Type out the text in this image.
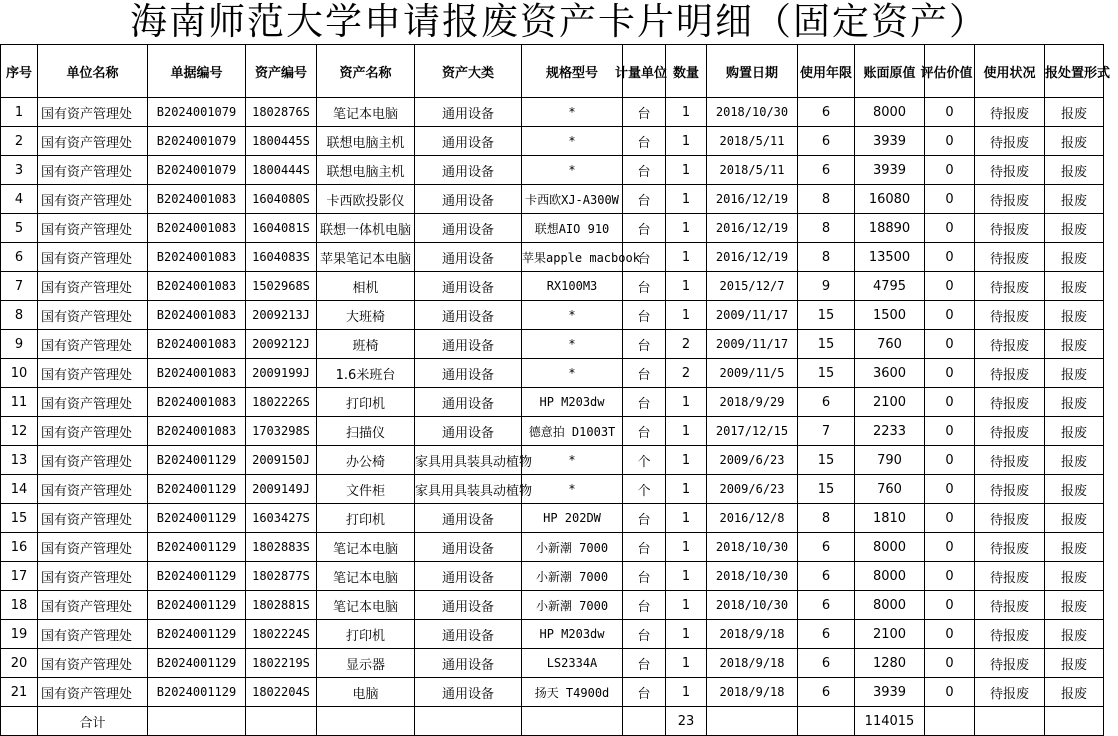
海南师范大学申请报废资产卡片明细（固定资产）
序号	单位名称	单据编号	资产编号	资产名称	资产大类	规格型号	计量单位	数量	购置日期	使用年限	账面原值	评估价值	使用状况	报处置形式
1	国有资产管理处	B2024001079	1802876S	笔记本电脑	通用设备	*	台	1	2018/10/30	6	8000	0	待报废	报废
2	国有资产管理处	B2024001079	1800445S	联想电脑主机	通用设备	*	台	1	2018/5/11	6	3939	0	待报废	报废
3	国有资产管理处	B2024001079	1800444S	联想电脑主机	通用设备	*	台	1	2018/5/11	6	3939	0	待报废	报废
4	国有资产管理处	B2024001083	1604080S	卡西欧投影仪	通用设备	卡西欧XJ-A300W	台	1	2016/12/19	8	16080	0	待报废	报废
5	国有资产管理处	B2024001083	1604081S	联想一体机电脑	通用设备	联想AIO 910	台	1	2016/12/19	8	18890	0	待报废	报废
6	国有资产管理处	B2024001083	1604083S	苹果笔记本电脑	通用设备	苹果apple macbook	台	1	2016/12/19	8	13500	0	待报废	报废
7	国有资产管理处	B2024001083	1502968S	相机	通用设备	RX100M3	台	1	2015/12/7	9	4795	0	待报废	报废
8	国有资产管理处	B2024001083	2009213J	大班椅	通用设备	*	台	1	2009/11/17	15	1500	0	待报废	报废
9	国有资产管理处	B2024001083	2009212J	班椅	通用设备	*	台	2	2009/11/17	15	760	0	待报废	报废
10	国有资产管理处	B2024001083	2009199J	1.6米班台	通用设备	*	台	2	2009/11/5	15	3600	0	待报废	报废
11	国有资产管理处	B2024001083	1802226S	打印机	通用设备	HP M203dw	台	1	2018/9/29	6	2100	0	待报废	报废
12	国有资产管理处	B2024001083	1703298S	扫描仪	通用设备	德意拍 D1003T	台	1	2017/12/15	7	2233	0	待报废	报废
13	国有资产管理处	B2024001129	2009150J	办公椅	家具用具装具动植物	*	个	1	2009/6/23	15	790	0	待报废	报废
14	国有资产管理处	B2024001129	2009149J	文件柜	家具用具装具动植物	*	个	1	2009/6/23	15	760	0	待报废	报废
15	国有资产管理处	B2024001129	1603427S	打印机	通用设备	HP 202DW	台	1	2016/12/8	8	1810	0	待报废	报废
16	国有资产管理处	B2024001129	1802883S	笔记本电脑	通用设备	小新潮 7000	台	1	2018/10/30	6	8000	0	待报废	报废
17	国有资产管理处	B2024001129	1802877S	笔记本电脑	通用设备	小新潮 7000	台	1	2018/10/30	6	8000	0	待报废	报废
18	国有资产管理处	B2024001129	1802881S	笔记本电脑	通用设备	小新潮 7000	台	1	2018/10/30	6	8000	0	待报废	报废
19	国有资产管理处	B2024001129	1802224S	打印机	通用设备	HP M203dw	台	1	2018/9/18	6	2100	0	待报废	报废
20	国有资产管理处	B2024001129	1802219S	显示器	通用设备	LS2334A	台	1	2018/9/18	6	1280	0	待报废	报废
21	国有资产管理处	B2024001129	1802204S	电脑	通用设备	扬天 T4900d	台	1	2018/9/18	6	3939	0	待报废	报废
	合计							23			114015			
